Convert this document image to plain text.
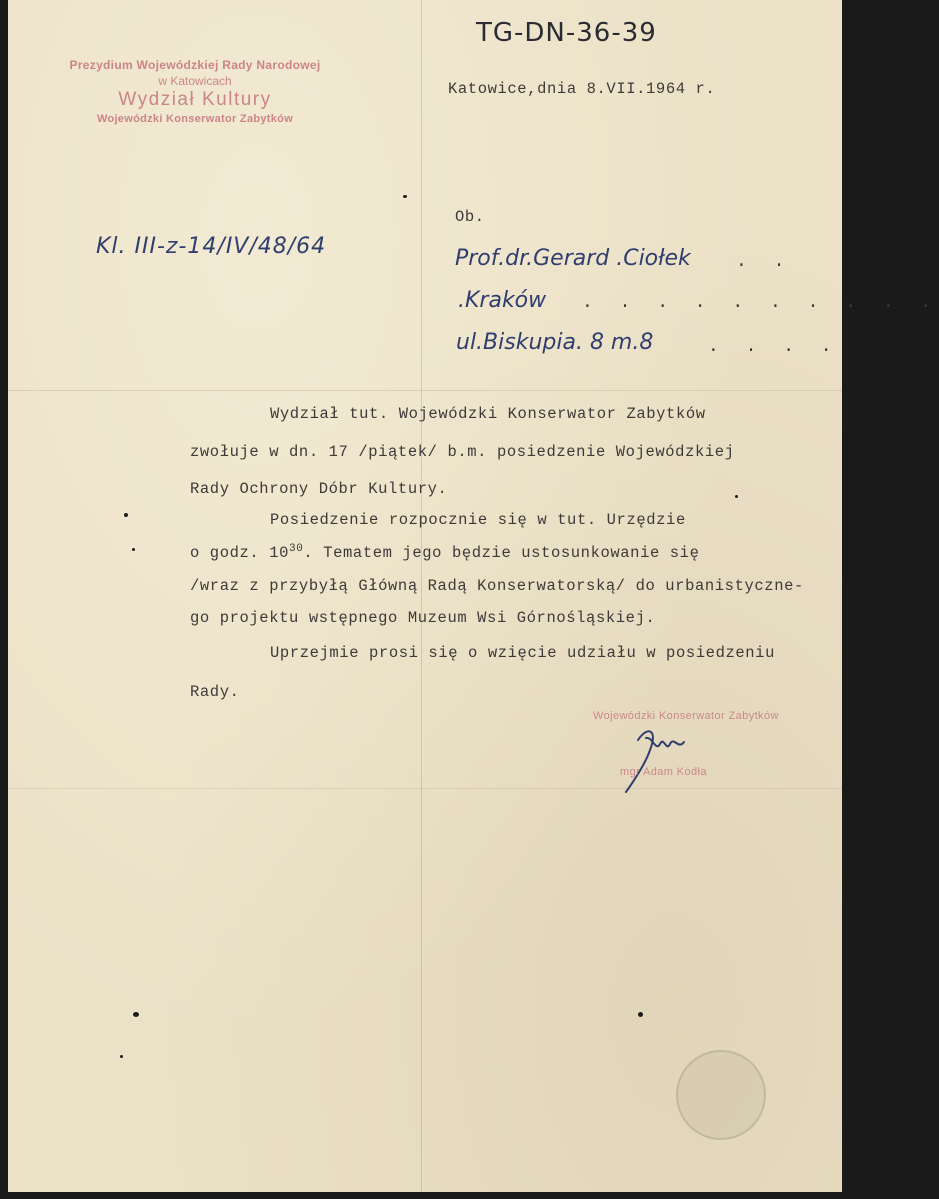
TG-DN-36-39
Prezydium Wojewódzkiej Rady Narodowej
w Katowicach
Wydział Kultury
Wojewódzki Konserwator Zabytków
Katowice,dnia 8.VII.1964 r.
Kl. III-z-14/IV/48/64
Ob.
Prof.dr.Gerard .Ciołek	. .
.Kraków . . . . . . . . . .
ul.Biskupia. 8 m.8	. . . .
Wydział tut. Wojewódzki Konserwator Zabytków
zwołuje w dn. 17 /piątek/ b.m. posiedzenie Wojewódzkiej
Rady Ochrony Dóbr Kultury.
Posiedzenie rozpocznie się w tut. Urzędzie
o godz. $10^{30}$. Tematem jego będzie ustosunkowanie się
/wraz z przybyłą Główną Radą Konserwatorską/ do urbanistyczne-
go projektu wstępnego Muzeum Wsi Górnośląskiej.
Uprzejmie prosi się o wzięcie udziału w posiedzeniu
Rady.
Wojewódzki Konserwator Zabytków
mgr Adam Kodła
